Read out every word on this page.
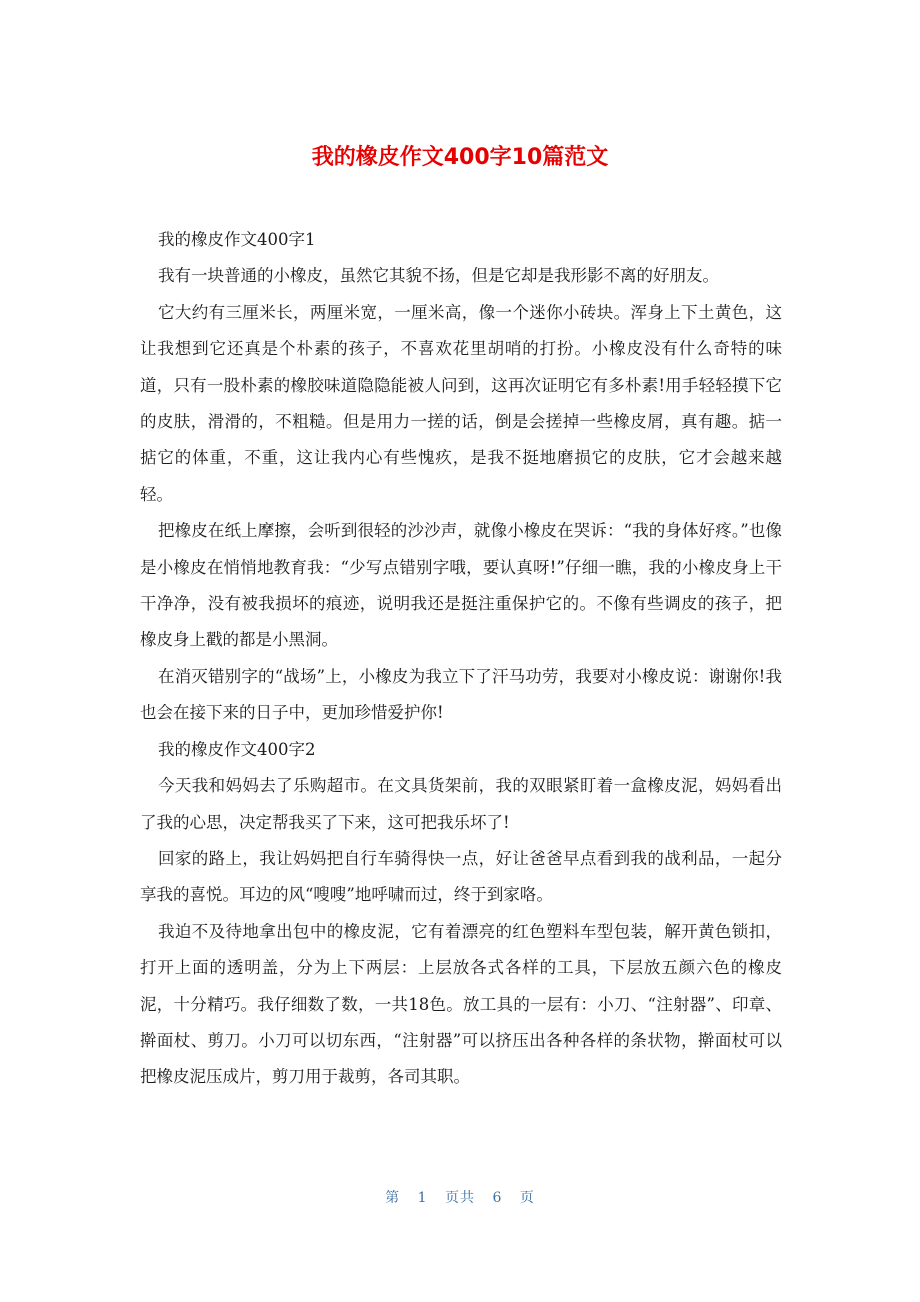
我的橡皮作文400字10篇范文

我的橡皮作文400字1

我有一块普通的小橡皮，虽然它其貌不扬，但是它却是我形影不离的好朋友。

它大约有三厘米长，两厘米宽，一厘米高，像一个迷你小砖块。浑身上下土黄色，这让我想到它还真是个朴素的孩子，不喜欢花里胡哨的打扮。小橡皮没有什么奇特的味道，只有一股朴素的橡胶味道隐隐能被人问到，这再次证明它有多朴素!用手轻轻摸下它的皮肤，滑滑的，不粗糙。但是用力一搓的话，倒是会搓掉一些橡皮屑，真有趣。掂一掂它的体重，不重，这让我内心有些愧疚，是我不挺地磨损它的皮肤，它才会越来越轻。

把橡皮在纸上摩擦，会听到很轻的沙沙声，就像小橡皮在哭诉：“我的身体好疼。”也像是小橡皮在悄悄地教育我：“少写点错别字哦，要认真呀!”仔细一瞧，我的小橡皮身上干干净净，没有被我损坏的痕迹，说明我还是挺注重保护它的。不像有些调皮的孩子，把橡皮身上戳的都是小黑洞。

在消灭错别字的“战场”上，小橡皮为我立下了汗马功劳，我要对小橡皮说：谢谢你!我也会在接下来的日子中，更加珍惜爱护你!

我的橡皮作文400字2

今天我和妈妈去了乐购超市。在文具货架前，我的双眼紧盯着一盒橡皮泥，妈妈看出了我的心思，决定帮我买了下来，这可把我乐坏了!

回家的路上，我让妈妈把自行车骑得快一点，好让爸爸早点看到我的战利品，一起分享我的喜悦。耳边的风“嗖嗖”地呼啸而过，终于到家咯。

我迫不及待地拿出包中的橡皮泥，它有着漂亮的红色塑料车型包装，解开黄色锁扣，打开上面的透明盖，分为上下两层：上层放各式各样的工具，下层放五颜六色的橡皮泥，十分精巧。我仔细数了数，一共18色。放工具的一层有：小刀、“注射器”、印章、擀面杖、剪刀。小刀可以切东西，“注射器”可以挤压出各种各样的条状物，擀面杖可以把橡皮泥压成片，剪刀用于裁剪，各司其职。

第 1 页共 6 页
